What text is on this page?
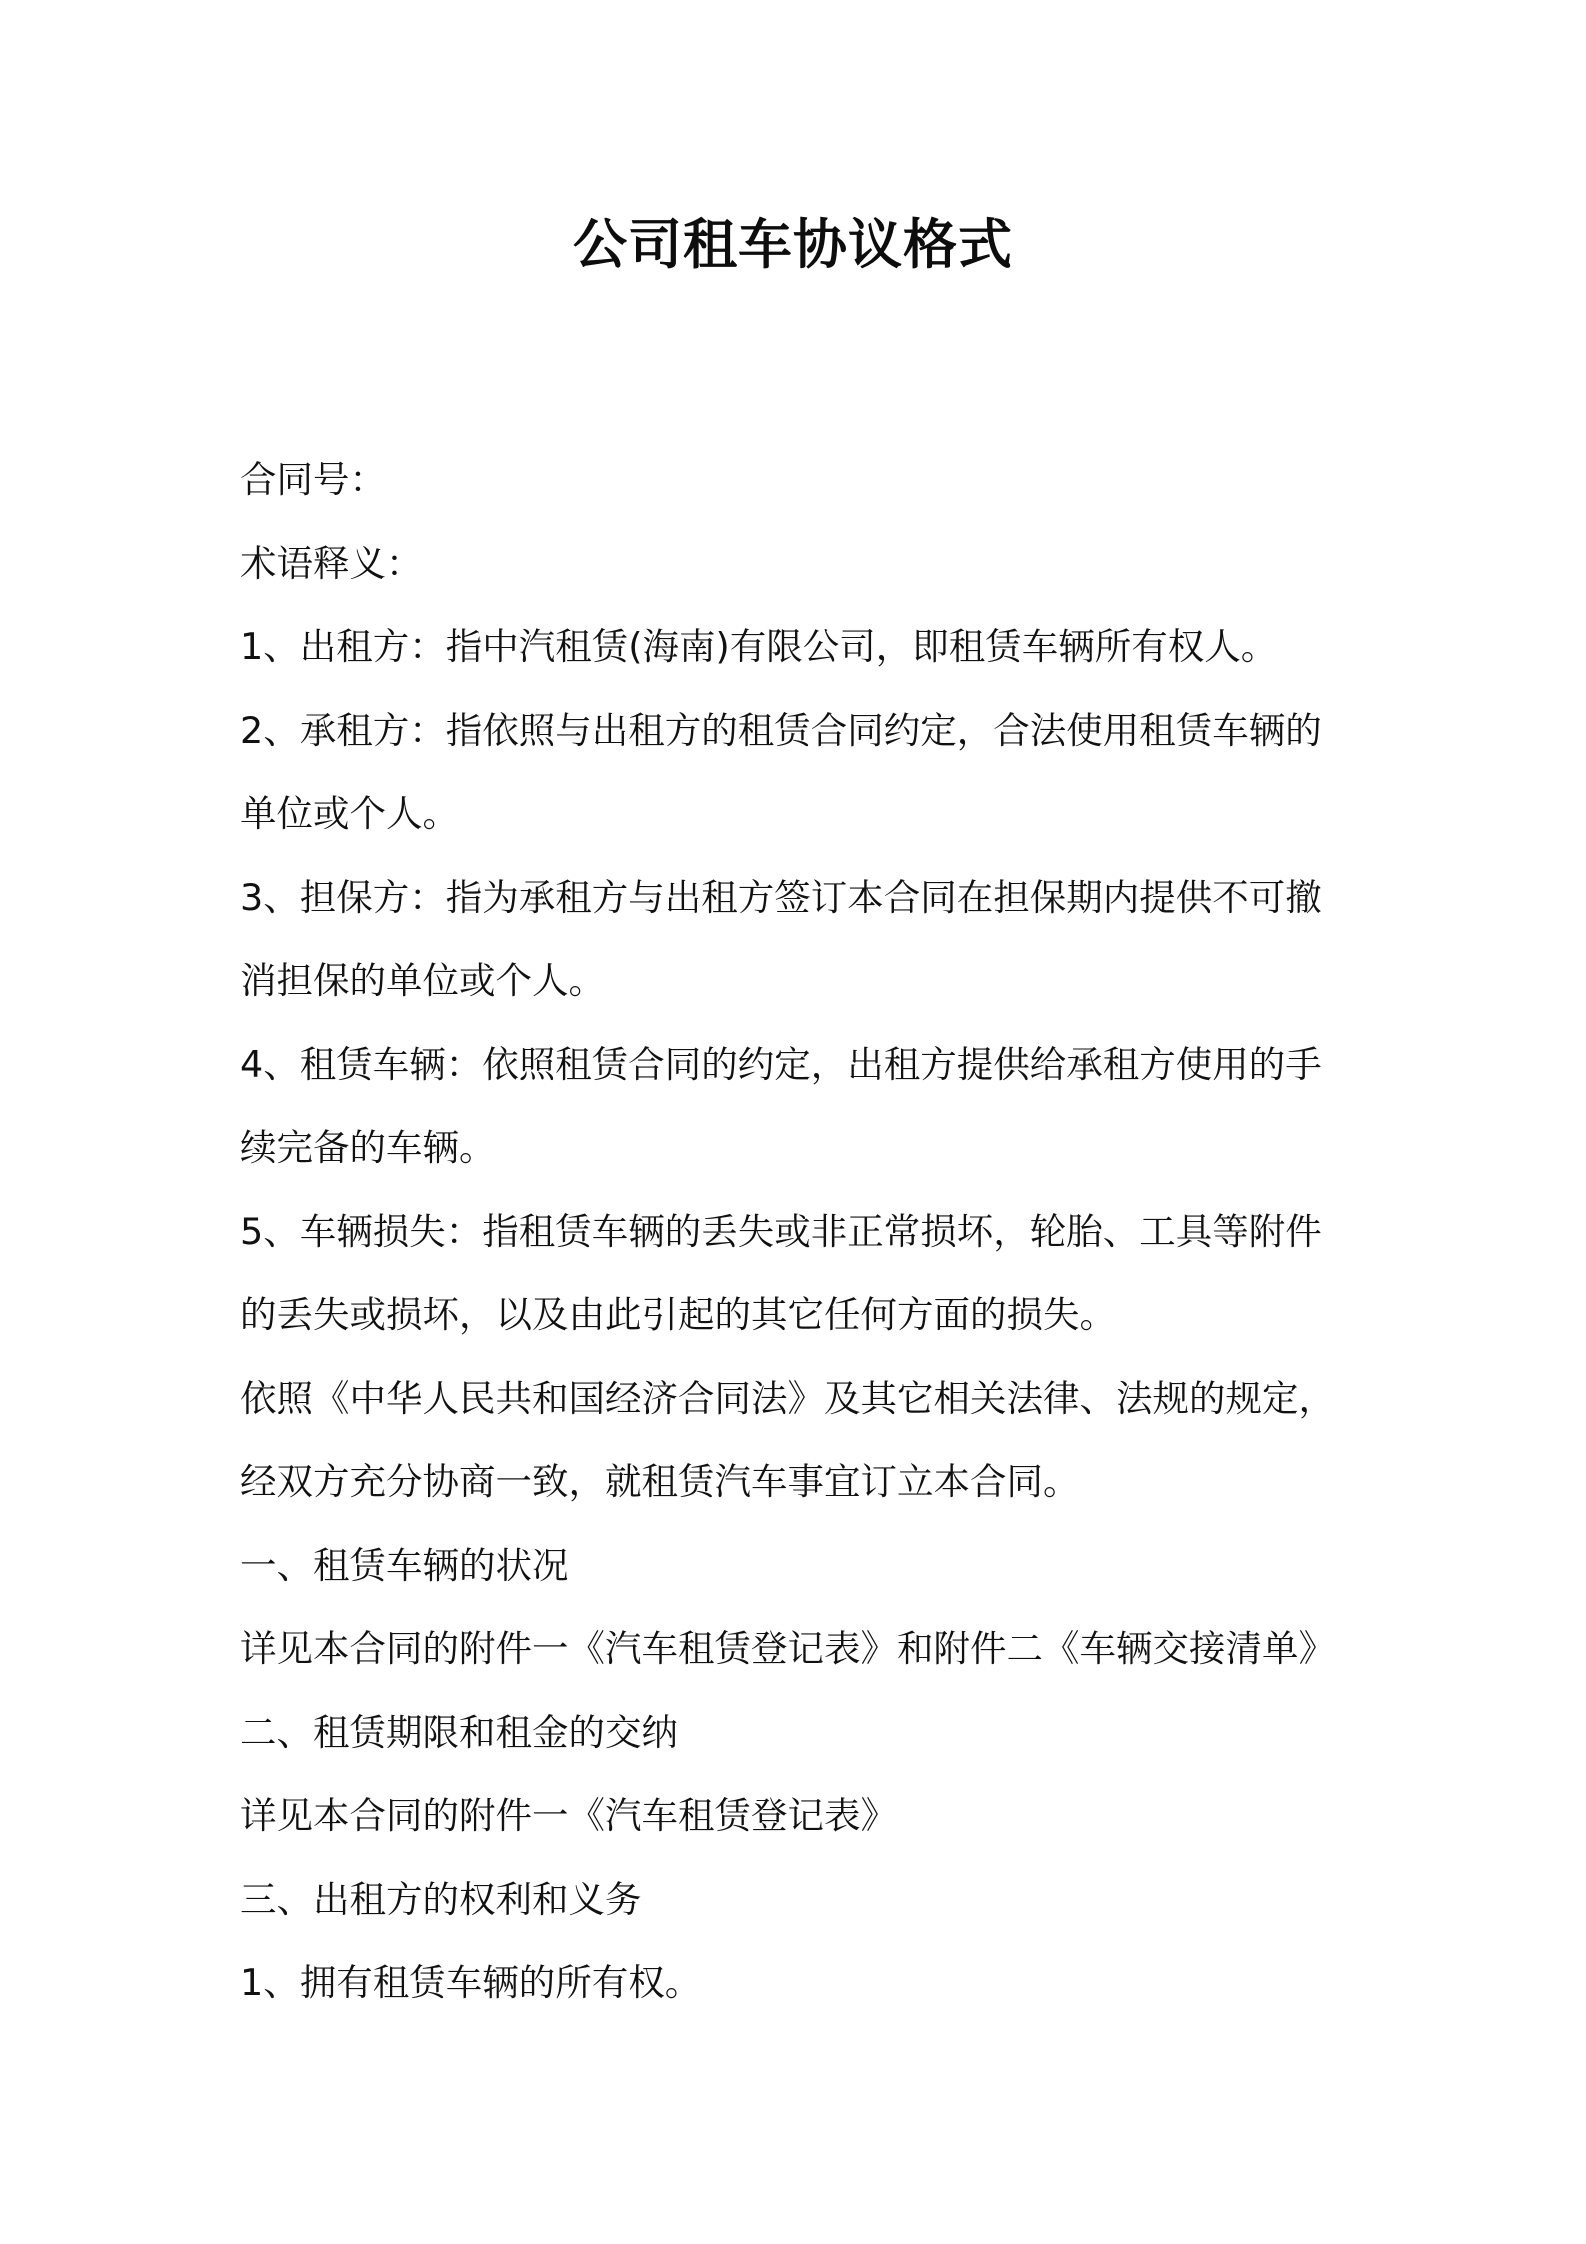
公司租车协议格式
合同号：
术语释义：
1、出租方：指中汽租赁(海南)有限公司，即租赁车辆所有权人。
2、承租方：指依照与出租方的租赁合同约定，合法使用租赁车辆的
单位或个人。
3、担保方：指为承租方与出租方签订本合同在担保期内提供不可撤
消担保的单位或个人。
4、租赁车辆：依照租赁合同的约定，出租方提供给承租方使用的手
续完备的车辆。
5、车辆损失：指租赁车辆的丢失或非正常损坏，轮胎、工具等附件
的丢失或损坏，以及由此引起的其它任何方面的损失。
依照《中华人民共和国经济合同法》及其它相关法律、法规的规定，
经双方充分协商一致，就租赁汽车事宜订立本合同。
一、租赁车辆的状况
详见本合同的附件一《汽车租赁登记表》和附件二《车辆交接清单》
二、租赁期限和租金的交纳
详见本合同的附件一《汽车租赁登记表》
三、出租方的权利和义务
1、拥有租赁车辆的所有权。
